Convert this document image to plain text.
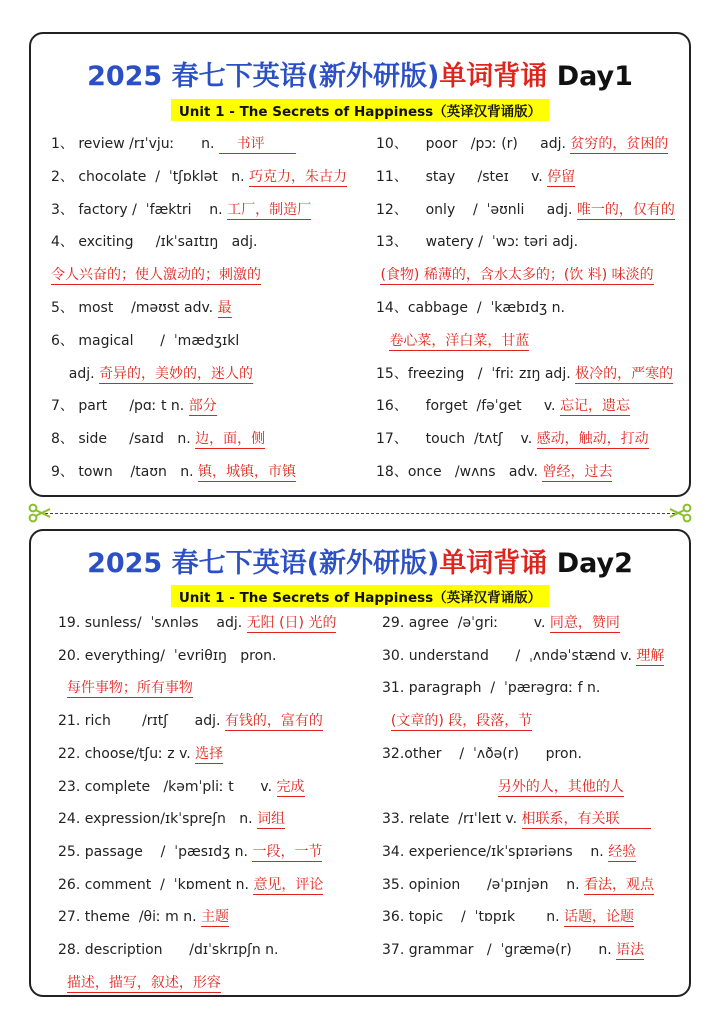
2025 春七下英语(新外研版)单词背诵 Day1
Unit 1 - The Secrets of Happiness（英译汉背诵版）
1、 review /rɪˈvjuː      n.     书评
2、 chocolate  /  ˈtʃɒklət   n. 巧克力，朱古力
3、 factory /  ˈfæktri    n. 工厂，制造厂
4、 exciting     /ɪkˈsaɪtɪŋ   adj.
令人兴奋的；使人激动的；刺激的
5、 most    /məʊst adv. 最
6、 magical      /  ˈmædʒɪkl
adj. 奇异的，美妙的，迷人的
7、 part     /pɑː t n. 部分
8、 side     /saɪd   n. 边，面，侧
9、 town    /taʊn   n. 镇，城镇，市镇
10、    poor   /pɔː (r)     adj. 贫穷的，贫困的
11、    stay     /steɪ     v. 停留
12、    only    /  ˈəʊnli     adj. 唯一的，仅有的
13、    watery /  ˈwɔː təri adj.
(食物) 稀薄的，含水太多的；(饮 料) 味淡的
14、cabbage  /  ˈkæbɪdʒ n.
卷心菜，洋白菜，甘蓝
15、freezing   /  ˈfriː zɪŋ adj. 极冷的，严寒的
16、    forget  /fəˈget     v. 忘记，遗忘
17、    touch  /tʌtʃ    v. 感动，触动，打动
18、once   /wʌns   adv. 曾经，过去
2025 春七下英语(新外研版)单词背诵 Day2
Unit 1 - The Secrets of Happiness（英译汉背诵版）
19. sunless/  ˈsʌnləs    adj. 无阳 (日) 光的
20. everything/  ˈevriθɪŋ   pron.
每件事物；所有事物
21. rich       /rɪtʃ      adj. 有钱的，富有的
22. choose/tʃuː z v. 选择
23. complete   /kəmˈpliː t      v. 完成
24. expression/ɪkˈspreʃn   n. 词组
25. passage    /  ˈpæsɪdʒ n. 一段，一节
26. comment  /  ˈkɒment n. 意见，评论
27. theme  /θiː m n. 主题
28. description      /dɪˈskrɪpʃn n.
描述，描写，叙述，形容
29. agree  /əˈgriː        v. 同意，赞同
30. understand      /  ˌʌndəˈstænd v. 理解
31. paragraph  /  ˈpærəgrɑː f n.
(文章的) 段，段落，节
32.other    /  ˈʌðə(r)      pron.
另外的人，其他的人
33. relate  /rɪˈleɪt v. 相联系，有关联
34. experience/ɪkˈspɪəriəns    n. 经验
35. opinion      /əˈpɪnjən    n. 看法，观点
36. topic    /  ˈtɒpɪk       n. 话题，论题
37. grammar   /  ˈgræmə(r)      n. 语法
